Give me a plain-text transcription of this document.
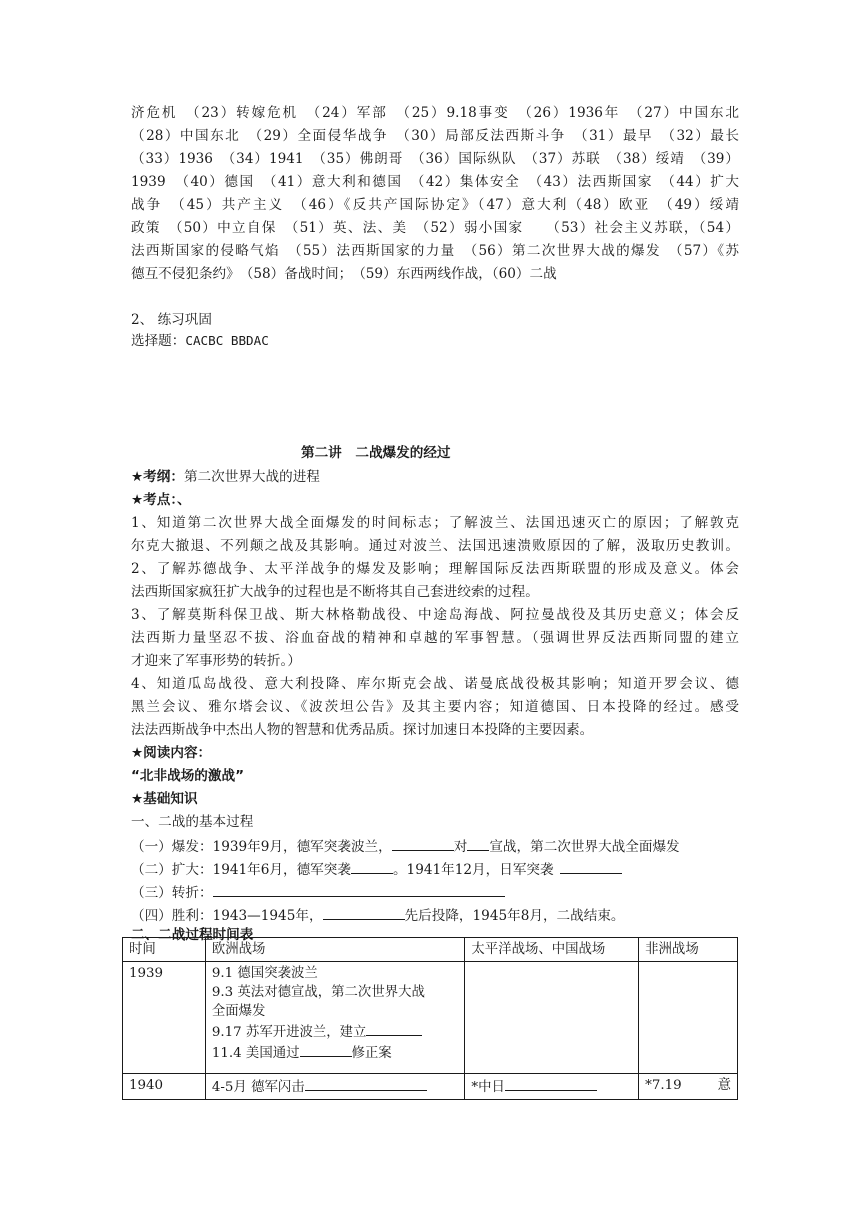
济危机　（23）转嫁危机　（24）军部　（25）9.18事变　（26）1936年　（27）中国东北
（28）中国东北　（29）全面侵华战争　（30）局部反法西斯斗争　（31）最早　（32）最长
（33）1936　（34）1941　（35）佛朗哥　（36）国际纵队　（37）苏联　（38）绥靖　（39）
1939　（40）德国　（41）意大利和德国　（42）集体安全　（43）法西斯国家　（44）扩大
战争　（45）共产主义　（46）《反共产国际协定》（47）意大利（48）欧亚　（49）绥靖
政策　（50）中立自保　（51）英、法、美　（52）弱小国家　　（53）社会主义苏联，（54）
法西斯国家的侵略气焰　（55）法西斯国家的力量　（56）第二次世界大战的爆发　（57）《苏
德互不侵犯条约》　（58）备战时间；　（59）东西两线作战，（60）二战
2、 练习巩固
选择题：CACBC BBDAC
第二讲　二战爆发的经过
★考纲：第二次世界大战的进程
★考点：、
1、知道第二次世界大战全面爆发的时间标志；了解波兰、法国迅速灭亡的原因；了解敦克
尔克大撤退、不列颠之战及其影响。通过对波兰、法国迅速溃败原因的了解，汲取历史教训。
2、了解苏德战争、太平洋战争的爆发及影响；理解国际反法西斯联盟的形成及意义。体会
法西斯国家疯狂扩大战争的过程也是不断将其自己套进绞索的过程。
3、了解莫斯科保卫战、斯大林格勒战役、中途岛海战、阿拉曼战役及其历史意义；体会反
法西斯力量坚忍不拔、浴血奋战的精神和卓越的军事智慧。（强调世界反法西斯同盟的建立
才迎来了军事形势的转折。）
4、知道瓜岛战役、意大利投降、库尔斯克会战、诺曼底战役极其影响；知道开罗会议、德
黑兰会议、雅尔塔会议、《波茨坦公告》及其主要内容；知道德国、日本投降的经过。感受
法法西斯战争中杰出人物的智慧和优秀品质。探讨加速日本投降的主要因素。
★阅读内容：
“北非战场的激战”
★基础知识
一、二战的基本过程
（一）爆发：1939年9月，德军突袭波兰，	对 宣战，第二次世界大战全面爆发
（二）扩大：1941年6月，德军突袭	。1941年12月，日军突袭
（三）转折：
（四）胜利：1943—1945年，	先后投降，1945年8月，二战结束。
二、二战过程时间表
时间	欧洲战场	太平洋战场、中国战场	非洲战场
1939	9.1 德国突袭波兰
9.3 英法对德宣战，第二次世界大战
全面爆发
9.17 苏军开进波兰，建立
11.4 美国通过 修正案		

1940	4-5月 德军闪击	*中日	*7.19 意
